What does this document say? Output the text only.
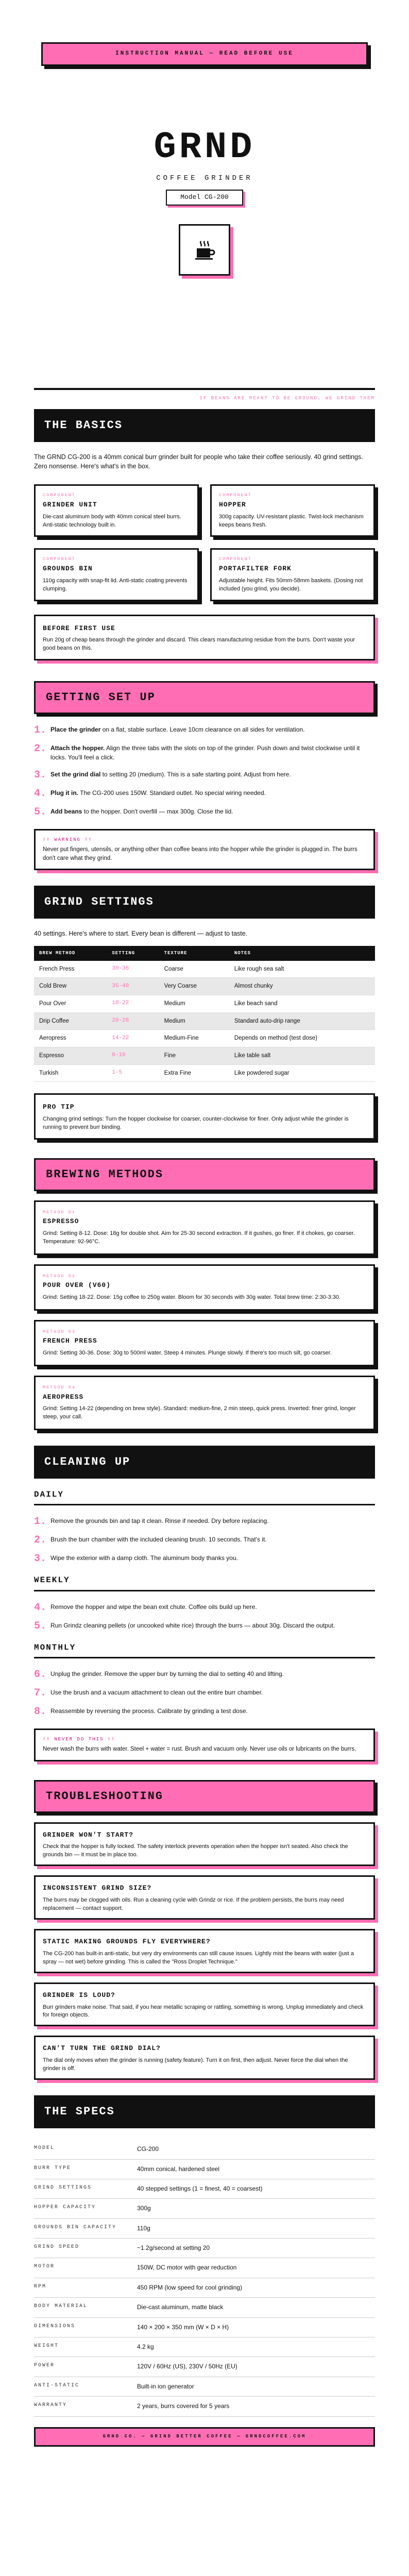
INSTRUCTION MANUAL — READ BEFORE USE
GRND
COFFEE GRINDER
Model CG-200
IF BEANS ARE MEANT TO BE GROUND, WE GRIND THEM
THE BASICS

The GRND CG-200 is a 40mm conical burr grinder built for people who take their coffee seriously. 40 grind settings. Zero nonsense. Here's what's in the box.

COMPONENT
GRINDER UNIT
Die-cast aluminum body with 40mm conical steel burrs. Anti-static technology built in.
COMPONENT
HOPPER
300g capacity. UV-resistant plastic. Twist-lock mechanism keeps beans fresh.
COMPONENT
GROUNDS BIN
110g capacity with snap-fit lid. Anti-static coating prevents clumping.
COMPONENT
PORTAFILTER FORK
Adjustable height. Fits 50mm-58mm baskets. (Dosing not included (you grind, you decide).
BEFORE FIRST USE
Run 20g of cheap beans through the grinder and discard. This clears manufacturing residue from the burrs. Don't waste your good beans on this.
GETTING SET UP
1. Place the grinder on a flat, stable surface. Leave 10cm clearance on all sides for ventilation.
2. Attach the hopper. Align the three tabs with the slots on top of the grinder. Push down and twist clockwise until it locks. You'll feel a click.
3. Set the grind dial to setting 20 (medium). This is a safe starting point. Adjust from here.
4. Plug it in. The CG-200 uses 150W. Standard outlet. No special wiring needed.
5. Add beans to the hopper. Don't overfill — max 300g. Close the lid.
!! WARNING !!
Never put fingers, utensils, or anything other than coffee beans into the hopper while the grinder is plugged in. The burrs don't care what they grind.
GRIND SETTINGS

40 settings. Here's where to start. Every bean is different — adjust to taste.

BREW METHOD	SETTING	TEXTURE	NOTES
French Press	30-36	Coarse	Like rough sea salt
Cold Brew	35-40	Very Coarse	Almost chunky
Pour Over	18-22	Medium	Like beach sand
Drip Coffee	20-28	Medium	Standard auto-drip range
Aeropress	14-22	Medium-Fine	Depends on method (test dose)
Espresso	6-10	Fine	Like table salt
Turkish	1-5	Extra Fine	Like powdered sugar
PRO TIP
Changing grind settings: Turn the hopper clockwise for coarser, counter-clockwise for finer. Only adjust while the grinder is running to prevent burr binding.
BREWING METHODS
METHOD 01
ESPRESSO
Grind: Setting 8-12. Dose: 18g for double shot. Aim for 25-30 second extraction. If it gushes, go finer. If it chokes, go coarser. Temperature: 92-96°C.
METHOD 02
POUR OVER (V60)
Grind: Setting 18-22. Dose: 15g coffee to 250g water. Bloom for 30 seconds with 30g water. Total brew time: 2:30-3:30.
METHOD 03
FRENCH PRESS
Grind: Setting 30-36. Dose: 30g to 500ml water. Steep 4 minutes. Plunge slowly. If there's too much silt, go coarser.
METHOD 04
AEROPRESS
Grind: Setting 14-22 (depending on brew style). Standard: medium-fine, 2 min steep, quick press. Inverted: finer grind, longer steep, your call.
CLEANING UP
DAILY
1. Remove the grounds bin and tap it clean. Rinse if needed. Dry before replacing.
2. Brush the burr chamber with the included cleaning brush. 10 seconds. That's it.
3. Wipe the exterior with a damp cloth. The aluminum body thanks you.
WEEKLY
4. Remove the hopper and wipe the bean exit chute. Coffee oils build up here.
5. Run Grindz cleaning pellets (or uncooked white rice) through the burrs — about 30g. Discard the output.
MONTHLY
6. Unplug the grinder. Remove the upper burr by turning the dial to setting 40 and lifting.
7. Use the brush and a vacuum attachment to clean out the entire burr chamber.
8. Reassemble by reversing the process. Calibrate by grinding a test dose.
!! NEVER DO THIS !!
Never wash the burrs with water. Steel + water = rust. Brush and vacuum only. Never use oils or lubricants on the burrs.
TROUBLESHOOTING
GRINDER WON'T START?
Check that the hopper is fully locked. The safety interlock prevents operation when the hopper isn't seated. Also check the grounds bin — it must be in place too.
INCONSISTENT GRIND SIZE?
The burrs may be clogged with oils. Run a cleaning cycle with Grindz or rice. If the problem persists, the burrs may need replacement — contact support.
STATIC MAKING GROUNDS FLY EVERYWHERE?
The CG-200 has built-in anti-static, but very dry environments can still cause issues. Lightly mist the beans with water (just a spray — not wet) before grinding. This is called the "Ross Droplet Technique."
GRINDER IS LOUD?
Burr grinders make noise. That said, if you hear metallic scraping or rattling, something is wrong. Unplug immediately and check for foreign objects.
CAN'T TURN THE GRIND DIAL?
The dial only moves when the grinder is running (safety feature). Turn it on first, then adjust. Never force the dial when the grinder is off.
THE SPECS
MODEL	CG-200
BURR TYPE	40mm conical, hardened steel
GRIND SETTINGS	40 stepped settings (1 = finest, 40 = coarsest)
HOPPER CAPACITY	300g
GROUNDS BIN CAPACITY	110g
GRIND SPEED	~1.2g/second at setting 20
MOTOR	150W, DC motor with gear reduction
RPM	450 RPM (low speed for cool grinding)
BODY MATERIAL	Die-cast aluminum, matte black
DIMENSIONS	140 × 200 × 350 mm (W × D × H)
WEIGHT	4.2 kg
POWER	120V / 60Hz (US), 230V / 50Hz (EU)
ANTI-STATIC	Built-in ion generator
WARRANTY	2 years, burrs covered for 5 years
GRND CO. — GRIND BETTER COFFEE — GRNDCOFFEE.COM
